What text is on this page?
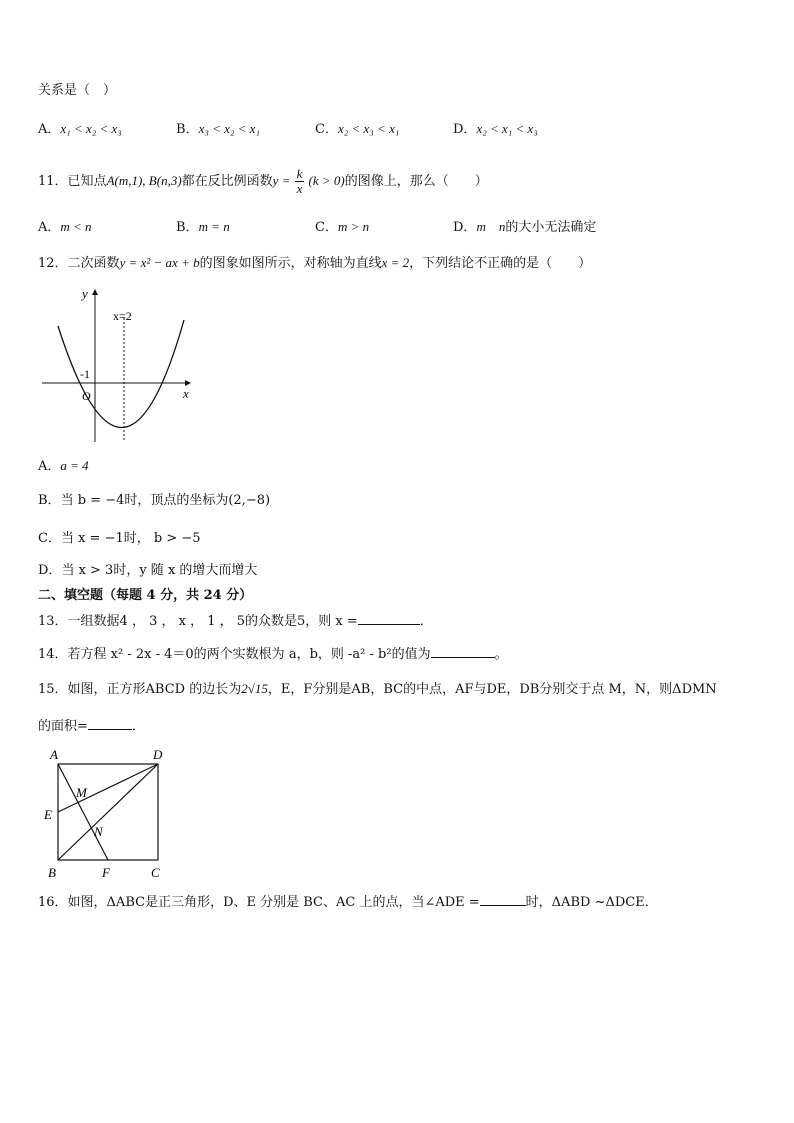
关系是（　）
A．x₁ < x₂ < x₃	B．x₃ < x₂ < x₁	C．x₂ < x₃ < x₁	D．x₂ < x₁ < x₃
11．已知点A(m,1), B(n,3)都在反比例函数$y = \frac{k}{x} (k > 0)$的图像上，那么（　　）
A．m < n	B．m = n	C．m > n	D．m　n的大小无法确定
12．二次函数y = x² − ax + b的图象如图所示，对称轴为直线x = 2，下列结论不正确的是（　　）
y
x
O
-1
x=2
A．a = 4
B．当 b = −4时，顶点的坐标为(2,−8)
C．当 x = −1时， b > −5
D．当 x > 3时，y 随 x 的增大而增大
二、填空题（每题 4 分，共 24 分）
13．一组数据4 ， 3 ， x ， 1 ， 5的众数是5，则 x =	．
14．若方程 x² - 2x - 4＝0的两个实数根为 a，b，则 -a² - b²的值为	。
15．如图，正方形ABCD 的边长为2√15，E，F分别是AB，BC的中点，AF与DE，DB分别交于点 M，N，则ΔDMN
的面积=	．
A	D
M
E
N
B	F	C
16．如图，ΔABC是正三角形，D、E 分别是 BC、AC 上的点，当∠ADE =	时，ΔABD ~ΔDCE．
